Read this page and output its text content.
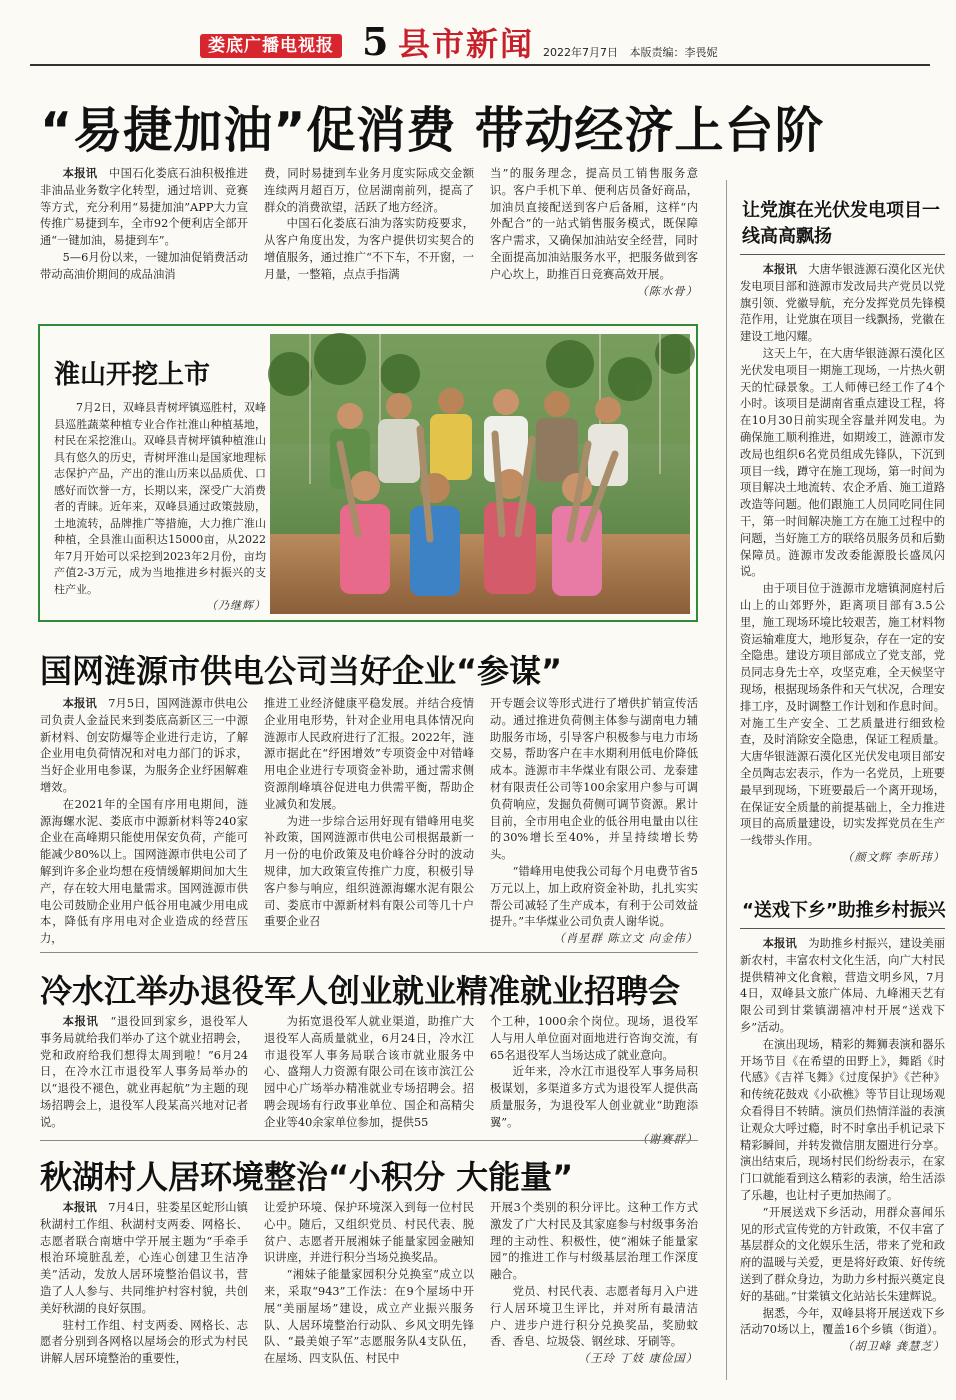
娄底广播电视报 5 县市新闻 2022年7月7日 本版责编：李畏妮
“易捷加油”促消费 带动经济上台阶

本报讯　 中国石化娄底石油积极推进非油品业务数字化转型，通过培训、竞赛等方式，充分利用“易捷加油”APP大力宣传推广易捷到车，全市92个便利店全部开通“一键加油，易捷到车”。

5—6月份以来，一键加油促销费活动带动高油价期间的成品油消

费，同时易捷到车业务月度实际成交金额连续两月超百万，位居湖南前列，提高了群众的消费欲望，活跃了地方经济。

中国石化娄底石油为落实防疫要求，从客户角度出发，为客户提供切实契合的增值服务，通过推广“不下车，不开窗，一月量，一整箱，点点手指满

当”的服务理念，提高员工销售服务意识。客户手机下单、便利店员备好商品，加油员直接配送到客户后备厢，这样“内外配合”的一站式销售服务模式，既保障客户需求，又确保加油站安全经营，同时全面提高加油站服务水平，把服务做到客户心坎上，助推百日竞赛高效开展。
（陈水骨）

淮山开挖上市

7月2日，双峰县青树坪镇巡胜村，双峰县巡胜蔬菜种植专业合作社淮山种植基地，村民在采挖淮山。双峰县青树坪镇种植淮山具有悠久的历史，青树坪淮山是国家地理标志保护产品，产出的淮山历来以品质优、口感好而饮誉一方，长期以来，深受广大消费者的青睐。近年来，双峰县通过政策鼓励，土地流转，品牌推广等措施，大力推广淮山种植，全县淮山面积达15000亩，从2022年7月开始可以采挖到2023年2月份，亩均产值2-3万元，成为当地推进乡村振兴的支柱产业。
（乃继辉）

国网涟源市供电公司当好企业“参谋”

本报讯　 7月5日，国网涟源市供电公司负责人金益民来到娄底高新区三一中源新材料、创安防爆等企业进行走访，了解企业用电负荷情况和对电力部门的诉求，当好企业用电参谋，为服务企业纾困解难增效。

在2021年的全国有序用电期间，涟源海螺水泥、娄底市中源新材料等240家企业在高峰期只能使用保安负荷，产能可能减少80%以上。国网涟源市供电公司了解到许多企业均想在疫情缓解期间加大生产，存在较大用电量需求。国网涟源市供电公司鼓励企业用户低谷用电减少用电成本，降低有序用电对企业造成的经营压力，

推进工业经济健康平稳发展。并结合疫情企业用电形势，针对企业用电具体情况向涟源市人民政府进行了汇报。2022年，涟源市据此在“纾困增效”专项资金中对错峰用电企业进行专项资金补助，通过需求侧资源削峰填谷促进电力供需平衡，帮助企业减负和发展。

为进一步综合运用好现有错峰用电奖补政策，国网涟源市供电公司根据最新一月一份的电价政策及电价峰谷分时的波动规律，加大政策宣传推广力度，积极引导客户参与响应，组织涟源海螺水泥有限公司、娄底市中源新材料有限公司等几十户重要企业召

开专题会议等形式进行了增供扩销宣传活动。通过推进负荷侧主体参与湖南电力辅助服务市场，引导客户积极参与电力市场交易，帮助客户在丰水期利用低电价降低成本。涟源市丰华煤业有限公司、龙泰建材有限责任公司等100余家用户参与可调负荷响应，发掘负荷侧可调节资源。累计目前，全市用电企业的低谷用电量由以往的30%增长至40%，并呈持续增长势头。

“错峰用电使我公司每个月电费节省5万元以上，加上政府资金补助，扎扎实实帮公司减轻了生产成本，有利于公司效益提升。”丰华煤业公司负责人谢华说。
（肖星群 陈立文 向金伟）

冷水江举办退役军人创业就业精准就业招聘会

本报讯　 “退役回到家乡，退役军人事务局就给我们举办了这个就业招聘会，党和政府给我们想得太周到啦！”6月24日，在冷水江市退役军人事务局举办的以“退役不褪色，就业再起航”为主题的现场招聘会上，退役军人段某高兴地对记者说。

为拓宽退役军人就业渠道，助推广大退役军人高质量就业，6月24日，冷水江市退役军人事务局联合该市就业服务中心、盛翔人力资源有限公司在该市滨江公园中心广场举办精准就业专场招聘会。招聘会现场有行政事业单位、国企和高精尖企业等40余家单位参加，提供55

个工种，1000余个岗位。现场，退役军人与用人单位面对面地进行咨询交流，有65名退役军人当场达成了就业意向。

近年来，冷水江市退役军人事务局积极谋划，多渠道多方式为退役军人提供高质量服务，为退役军人创业就业“助跑添翼”。

秋湖村人居环境整治“小积分 大能量”

本报讯　 7月4日，驻娄星区蛇形山镇秋湖村工作组、秋湖村支两委、网格长、志愿者联合南塘中学开展主题为“手牵手根治环境脏乱差，心连心创建卫生洁净美”活动，发放人居环境整治倡议书，营造了人人参与、共同维护村容村貌，共创美好秋湖的良好氛围。

驻村工作组、村支两委、网格长、志愿者分别到各网格以屋场会的形式为村民讲解人居环境整治的重要性，

让爱护环境、保护环境深入到每一位村民心中。随后，又组织党员、村民代表、脱贫户、志愿者开展湘妹子能量家园金融知识讲座，并进行积分当场兑换奖品。

“湘妹子能量家园积分兑换室”成立以来，采取“943”工作法：在9个屋场中开展“美丽屋场”建设，成立产业振兴服务队、人居环境整治行动队、乡风文明先锋队、“最美娘子军”志愿服务队4支队伍，在屋场、四支队伍、村民中

开展3个类别的积分评比。这种工作方式激发了广大村民及其家庭参与村级事务治理的主动性、积极性，使“湘妹子能量家园”的推进工作与村级基层治理工作深度融合。

党员、村民代表、志愿者每月入户进行人居环境卫生评比，并对所有最清洁户、进步户进行积分兑换奖品，奖励蚊香、香皂、垃圾袋、钢丝球、牙刷等。
（王玲 丁妓 康俭国）

让党旗在光伏发电项目一线高高飘扬

本报讯　 大唐华银涟源石漠化区光伏发电项目部和涟源市发改局共产党员以党旗引领、党徽导航，充分发挥党员先锋模范作用，让党旗在项目一线飘扬，党徽在建设工地闪耀。

这天上午，在大唐华银涟源石漠化区光伏发电项目一期施工现场，一片热火朝天的忙碌景象。工人师傅已经工作了4个小时。该项目是湖南省重点建设工程，将在10月30日前实现全容量并网发电。为确保施工顺利推进，如期竣工，涟源市发改局也组织6名党员组成先锋队，下沉到项目一线，蹲守在施工现场，第一时间为项目解决土地流转、农企矛盾、施工道路改造等问题。他们跟施工人员同吃同住同干，第一时间解决施工方在施工过程中的问题，当好施工方的联络员服务员和后勤保障员。涟源市发改委能源股长盛凤闪说。

由于项目位于涟源市龙塘镇洞庭村后山上的山郊野外，距离项目部有3.5公里，施工现场环境比较艰苦，施工材料物资运输难度大，地形复杂，存在一定的安全隐患。建设方项目部成立了党支部，党员同志身先士卒，攻坚克难，全天候坚守现场，根据现场条件和天气状况，合理安排工序，及时调整工作计划和作息时间。对施工生产安全、工艺质量进行细致检查，及时消除安全隐患，保证工程质量。大唐华银涟源石漠化区光伏发电项目部安全员陶志宏表示，作为一名党员，上班要最早到现场，下班要最后一个离开现场，在保证安全质量的前提基础上，全力推进项目的高质量建设，切实发挥党员在生产一线带头作用。
（颜文辉 李昕玮）

“送戏下乡”助推乡村振兴

本报讯　 为助推乡村振兴，建设美丽新农村，丰富农村文化生活，向广大村民提供精神文化食粮，营造文明乡风，7月4日，双峰县文旅广体局、九峰湘天艺有限公司到甘棠镇湖禧冲村开展“送戏下乡”活动。

在演出现场，精彩的舞狮表演和器乐开场节目《在希望的田野上》，舞蹈《时代感》《吉祥飞舞》《过度保护》《芒种》和传统花鼓戏《小砍樵》等节目让现场观众看得目不转睛。演员们热情洋溢的表演让观众大呼过瘾，时不时拿出手机记录下精彩瞬间，并转发微信朋友圈进行分享。演出结束后，现场村民们纷纷表示，在家门口就能看到这么精彩的表演，给生活添了乐趣，也让村子更加热闹了。

“开展送戏下乡活动，用群众喜闻乐见的形式宣传党的方针政策，不仅丰富了基层群众的文化娱乐生活，带来了党和政府的温暖与关爱，更是将好政策、好传统送到了群众身边，为助力乡村振兴奠定良好的基础。”甘棠镇文化站站长朱建辉说。

据悉，今年，双峰县将开展送戏下乡活动70场以上，覆盖16个乡镇（街道）。
（胡卫峰 龚慧芝）
